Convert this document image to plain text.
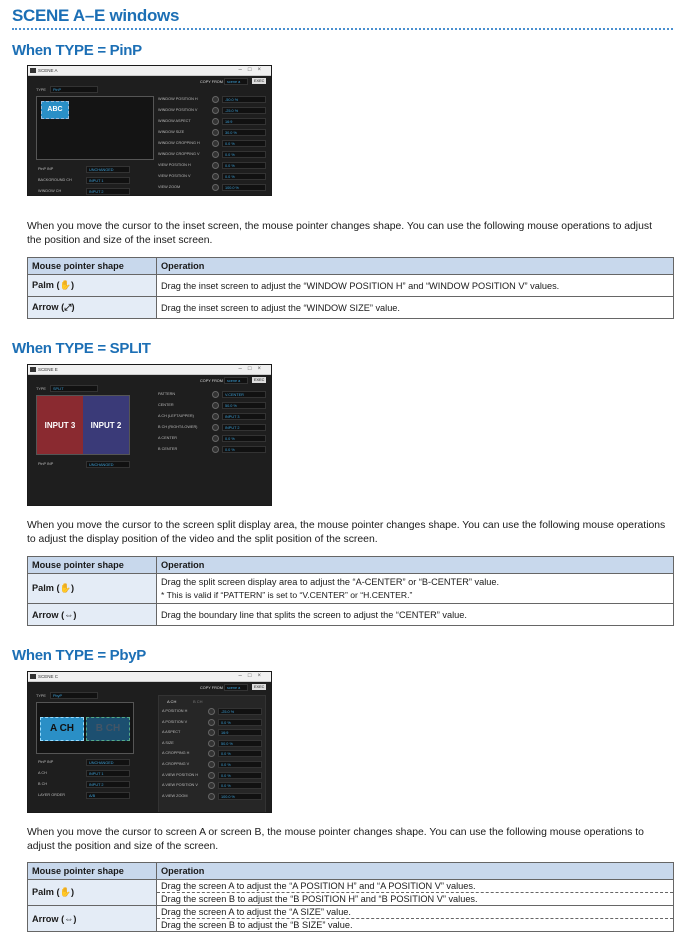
SCENE A–E windows
When TYPE = PinP
SCENE A	–□×
COPY FROM	scene a	EXEC
TYPE	PinP
ABC
PinP INP	UNCHANGED
BACKGROUND CH	INPUT 1
WINDOW CH	INPUT 2
WINDOW POSITION H	-50.0 %
WINDOW POSITION V	-25.0 %
WINDOW ASPECT	16:9
WINDOW SIZE	30.0 %
WINDOW CROPPING H	0.0 %
WINDOW CROPPING V	0.0 %
VIEW POSITION H	0.0 %
VIEW POSITION V	0.0 %
VIEW ZOOM	100.0 %
When you move the cursor to the inset screen, the mouse pointer changes shape. You can use the following mouse operations to adjust the position and size of the inset screen.
Mouse pointer shape	Operation
Palm (✋)	Drag the inset screen to adjust the “WINDOW POSITION H” and “WINDOW POSITION V” values.
Arrow (⤢)	Drag the inset screen to adjust the “WINDOW SIZE” value.
When TYPE = SPLIT
SCENE E	–□×
COPY FROM	scene a	EXEC
TYPE	SPLIT
INPUT 3	INPUT 2
PinP INP	UNCHANGED
PATTERN	V.CENTER
CENTER	50.0 %
A CH (LEFT/UPPER)	INPUT 3
B CH (RIGHT/LOWER)	INPUT 2
A CENTER	0.0 %
B CENTER	0.0 %
When you move the cursor to the screen split display area, the mouse pointer changes shape. You can use the following mouse operations to adjust the display position of the video and the split position of the screen.
Mouse pointer shape	Operation
Palm (✋)	Drag the split screen display area to adjust the “A-CENTER” or “B-CENTER” value.
* This is valid if “PATTERN” is set to “V.CENTER” or “H.CENTER.”

Arrow (⇔)	Drag the boundary line that splits the screen to adjust the “CENTER” value.
When TYPE = PbyP
SCENE C	–□×
COPY FROM	scene a	EXEC
TYPE	PbyP
A CH	B CH
A CH	B CH
PinP INP	UNCHANGED
A CH	INPUT 1
B CH	INPUT 2
LAYER ORDER	A/B
A POSITION H	-25.0 %
A POSITION V	0.0 %
A ASPECT	16:9
A SIZE	50.0 %
A CROPPING H	0.0 %
A CROPPING V	0.0 %
A VIEW POSITION H	0.0 %
A VIEW POSITION V	0.0 %
A VIEW ZOOM	100.0 %
When you move the cursor to screen A or screen B, the mouse pointer changes shape. You can use the following mouse operations to adjust the position and size of the screen.
Mouse pointer shape	Operation
Palm (✋)	Drag the screen A to adjust the “A POSITION H” and “A POSITION V” values.
Drag the screen B to adjust the “B POSITION H” and “B POSITION V” values.

Arrow (⇔)	Drag the screen A to adjust the “A SIZE” value.
Drag the screen B to adjust the “B SIZE” value.
